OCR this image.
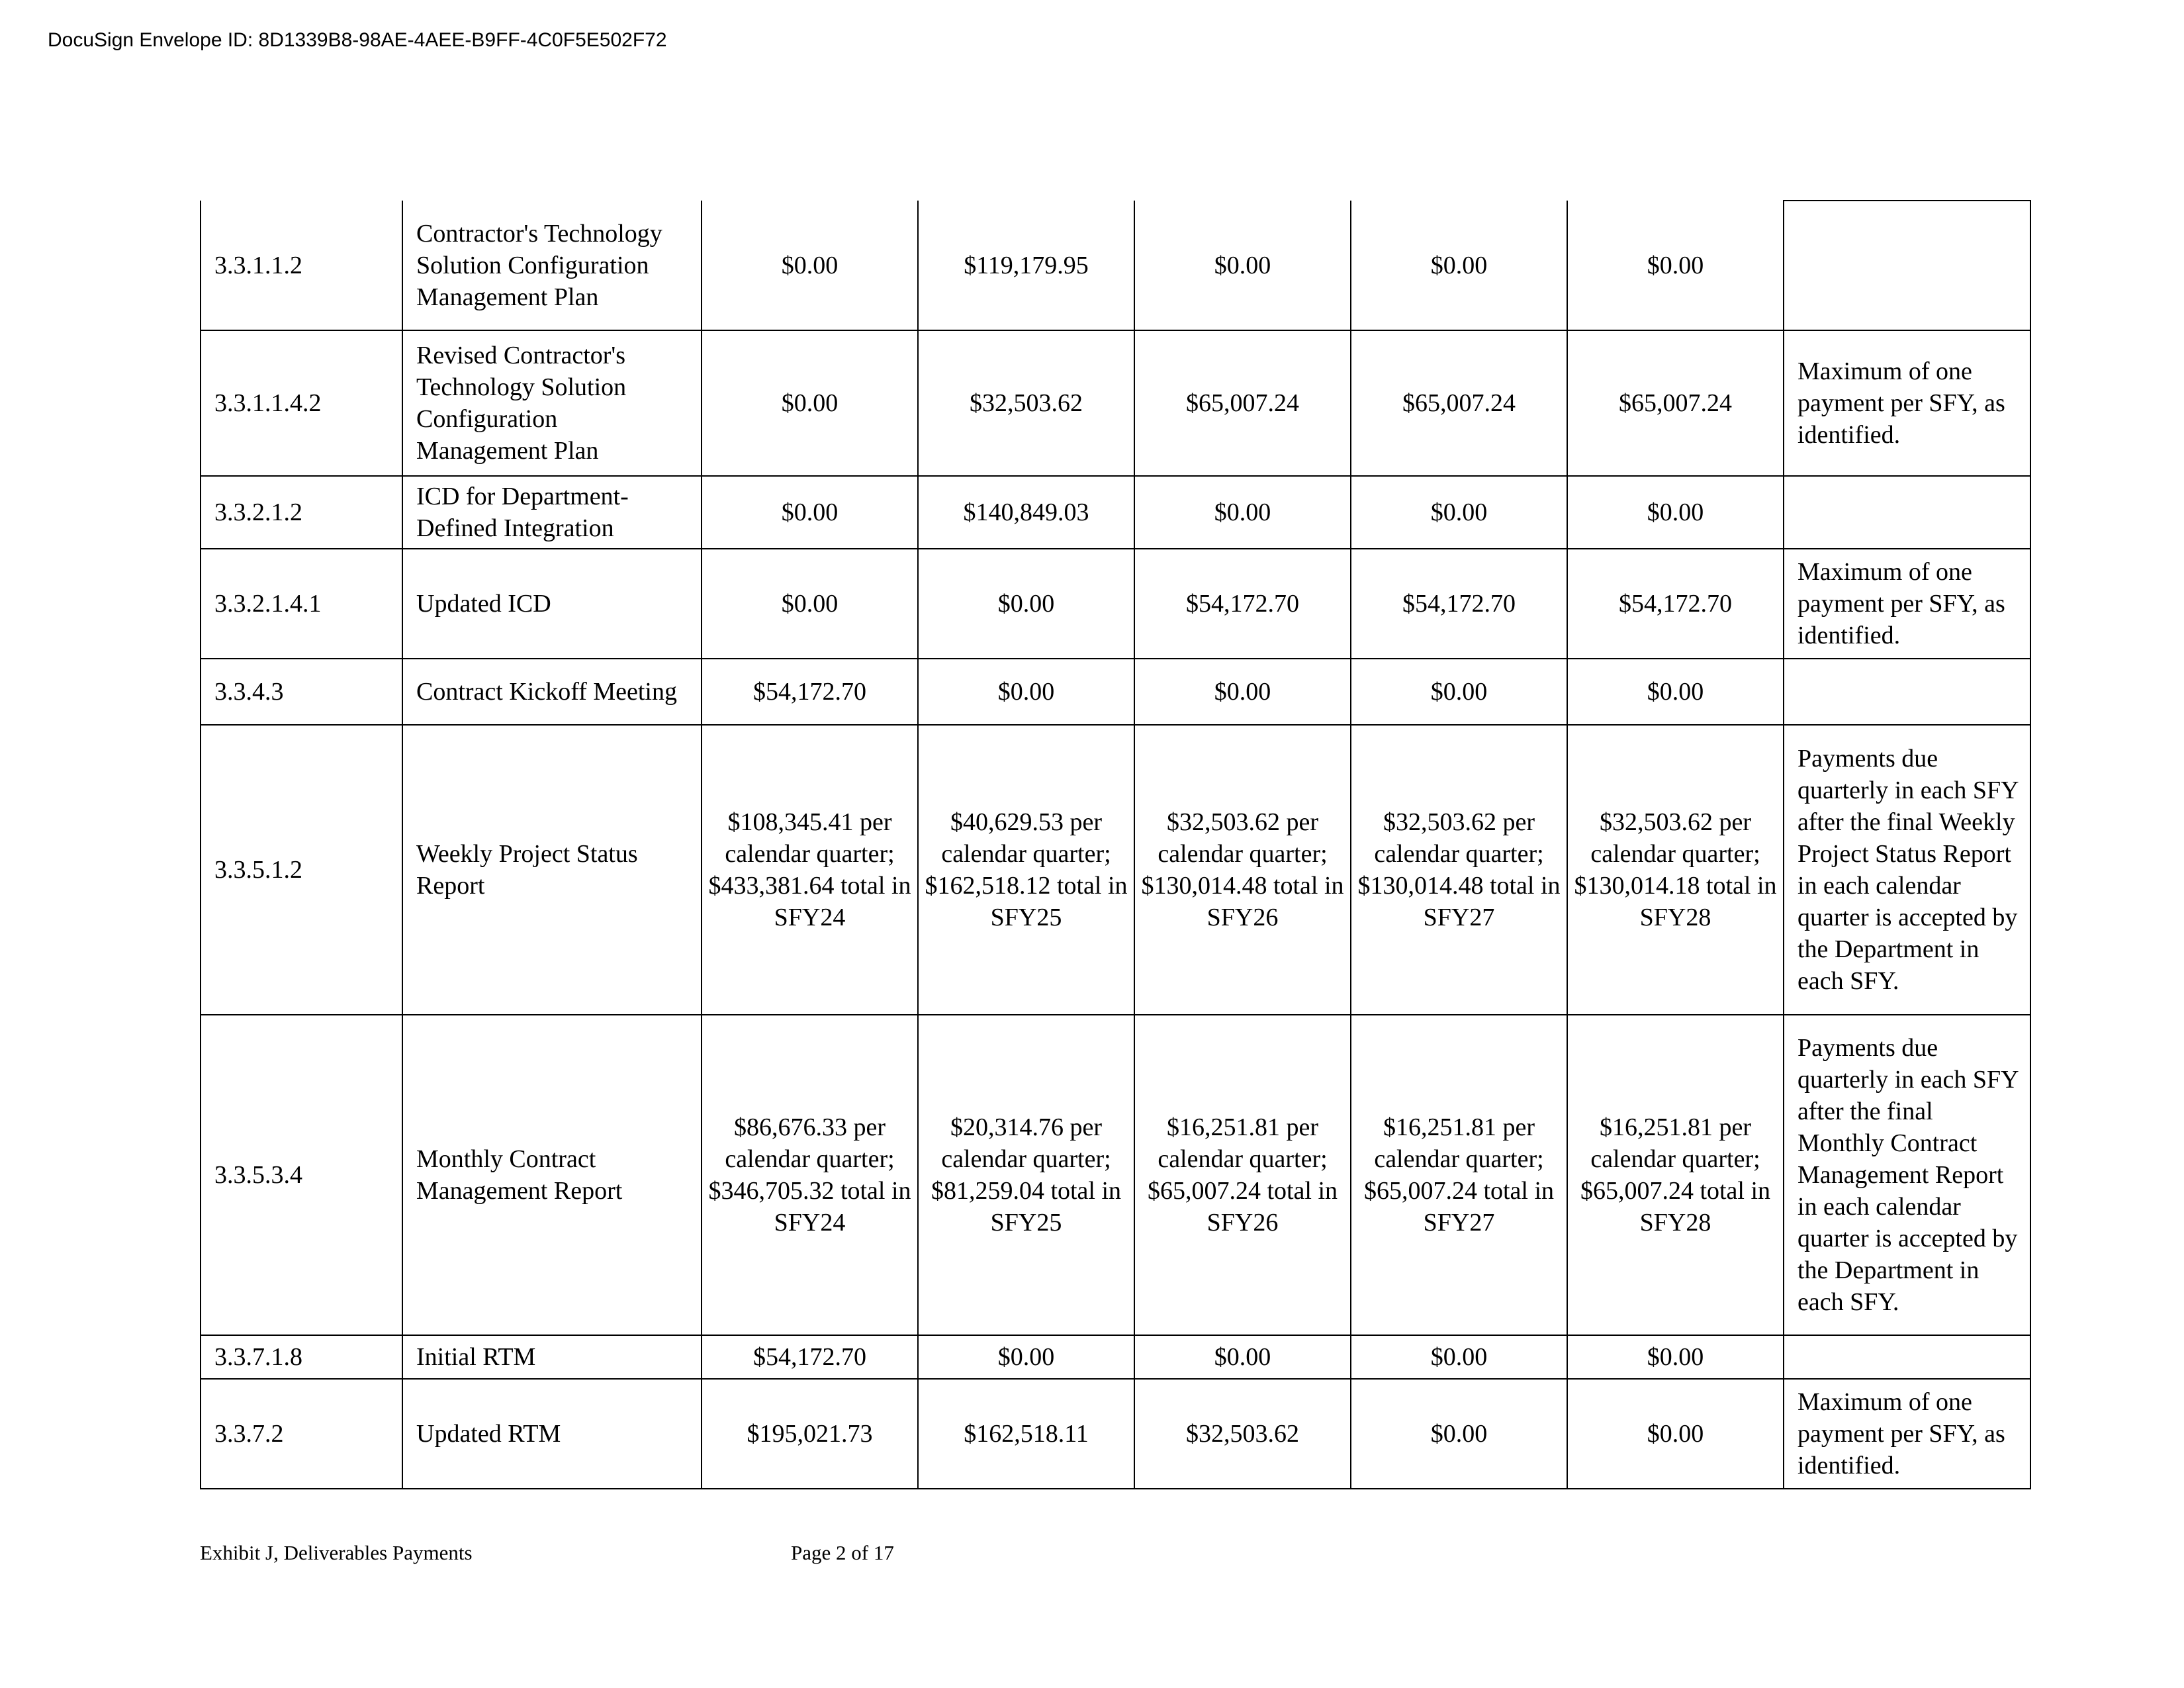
DocuSign Envelope ID: 8D1339B8-98AE-4AEE-B9FF-4C0F5E502F72
3.3.1.1.2	Contractor's Technology Solution Configuration Management Plan	$0.00	$119,179.95	$0.00	$0.00	$0.00	
3.3.1.1.4.2	Revised Contractor's Technology Solution Configuration Management Plan	$0.00	$32,503.62	$65,007.24	$65,007.24	$65,007.24	Maximum of one payment per SFY, as identified.
3.3.2.1.2	ICD for Department-Defined Integration	$0.00	$140,849.03	$0.00	$0.00	$0.00	
3.3.2.1.4.1	Updated ICD	$0.00	$0.00	$54,172.70	$54,172.70	$54,172.70	Maximum of one payment per SFY, as identified.
3.3.4.3	Contract Kickoff Meeting	$54,172.70	$0.00	$0.00	$0.00	$0.00	
3.3.5.1.2	Weekly Project Status Report	$108,345.41 per calendar quarter; $433,381.64 total in SFY24	$40,629.53 per calendar quarter; $162,518.12 total in SFY25	$32,503.62 per calendar quarter; $130,014.48 total in SFY26	$32,503.62 per calendar quarter; $130,014.48 total in SFY27	$32,503.62 per calendar quarter; $130,014.18 total in SFY28	Payments due quarterly in each SFY after the final Weekly Project Status Report in each calendar quarter is accepted by the Department in each SFY.
3.3.5.3.4	Monthly Contract Management Report	$86,676.33 per calendar quarter; $346,705.32 total in SFY24	$20,314.76 per calendar quarter; $81,259.04 total in SFY25	$16,251.81 per calendar quarter; $65,007.24 total in SFY26	$16,251.81 per calendar quarter; $65,007.24 total in SFY27	$16,251.81 per calendar quarter; $65,007.24 total in SFY28	Payments due quarterly in each SFY after the final Monthly Contract Management Report in each calendar quarter is accepted by the Department in each SFY.
3.3.7.1.8	Initial RTM	$54,172.70	$0.00	$0.00	$0.00	$0.00	
3.3.7.2	Updated RTM	$195,021.73	$162,518.11	$32,503.62	$0.00	$0.00	Maximum of one payment per SFY, as identified.
Exhibit J, Deliverables Payments	Page 2 of 17
